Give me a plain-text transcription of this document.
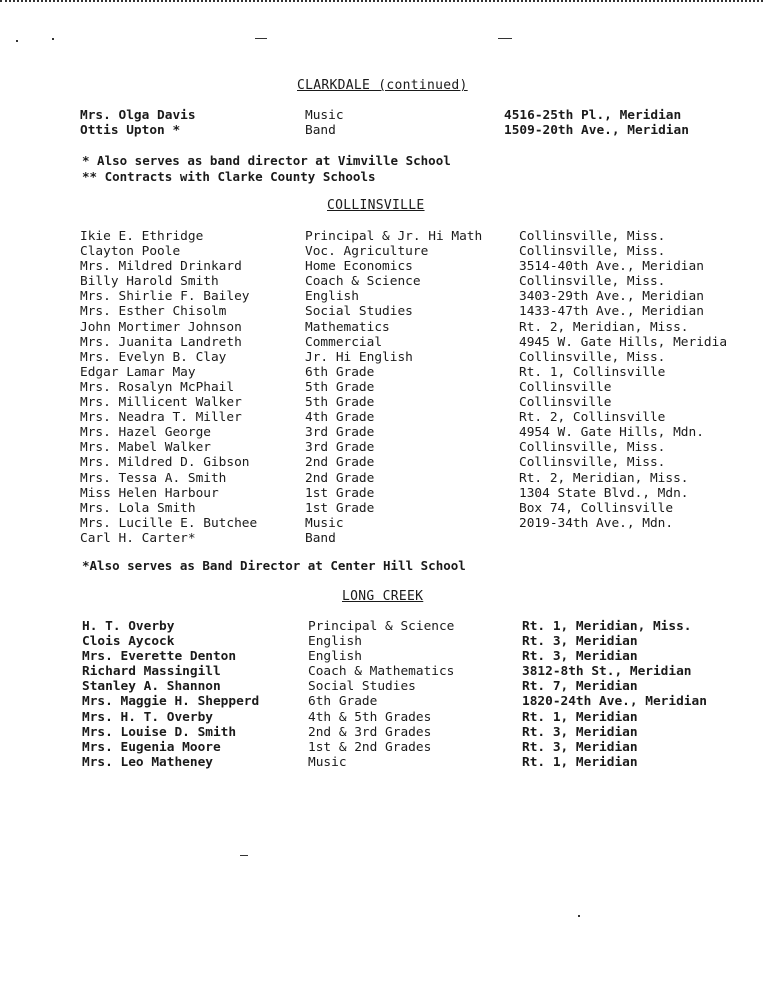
CLARKDALE (continued)
Mrs. Olga Davis	Music	4516-25th Pl., Meridian
Ottis Upton *	Band	1509-20th Ave., Meridian
* Also serves as band director at Vimville School
** Contracts with Clarke County Schools
COLLINSVILLE
Ikie E. Ethridge	Principal & Jr. Hi Math	Collinsville, Miss.
Clayton Poole	Voc. Agriculture	Collinsville, Miss.
Mrs. Mildred Drinkard	Home Economics	3514-40th Ave., Meridian
Billy Harold Smith	Coach & Science	Collinsville, Miss.
Mrs. Shirlie F. Bailey	English	3403-29th Ave., Meridian
Mrs. Esther Chisolm	Social Studies	1433-47th Ave., Meridian
John Mortimer Johnson	Mathematics	Rt. 2, Meridian, Miss.
Mrs. Juanita Landreth	Commercial	4945 W. Gate Hills, Meridia
Mrs. Evelyn B. Clay	Jr. Hi English	Collinsville, Miss.
Edgar Lamar May	6th Grade	Rt. 1, Collinsville
Mrs. Rosalyn McPhail	5th Grade	Collinsville
Mrs. Millicent Walker	5th Grade	Collinsville
Mrs. Neadra T. Miller	4th Grade	Rt. 2, Collinsville
Mrs. Hazel George	3rd Grade	4954 W. Gate Hills, Mdn.
Mrs. Mabel Walker	3rd Grade	Collinsville, Miss.
Mrs. Mildred D. Gibson	2nd Grade	Collinsville, Miss.
Mrs. Tessa A. Smith	2nd Grade	Rt. 2, Meridian, Miss.
Miss Helen Harbour	1st Grade	1304 State Blvd., Mdn.
Mrs. Lola Smith	1st Grade	Box 74, Collinsville
Mrs. Lucille E. Butchee	Music	2019-34th Ave., Mdn.
Carl H. Carter*	Band
*Also serves as Band Director at Center Hill School
LONG CREEK
H. T. Overby	Principal & Science	Rt. 1, Meridian, Miss.
Clois Aycock	English	Rt. 3, Meridian
Mrs. Everette Denton	English	Rt. 3, Meridian
Richard Massingill	Coach & Mathematics	3812-8th St., Meridian
Stanley A. Shannon	Social Studies	Rt. 7, Meridian
Mrs. Maggie H. Shepperd	6th Grade	1820-24th Ave., Meridian
Mrs. H. T. Overby	4th & 5th Grades	Rt. 1, Meridian
Mrs. Louise D. Smith	2nd & 3rd Grades	Rt. 3, Meridian
Mrs. Eugenia Moore	1st & 2nd Grades	Rt. 3, Meridian
Mrs. Leo Matheney	Music	Rt. 1, Meridian
